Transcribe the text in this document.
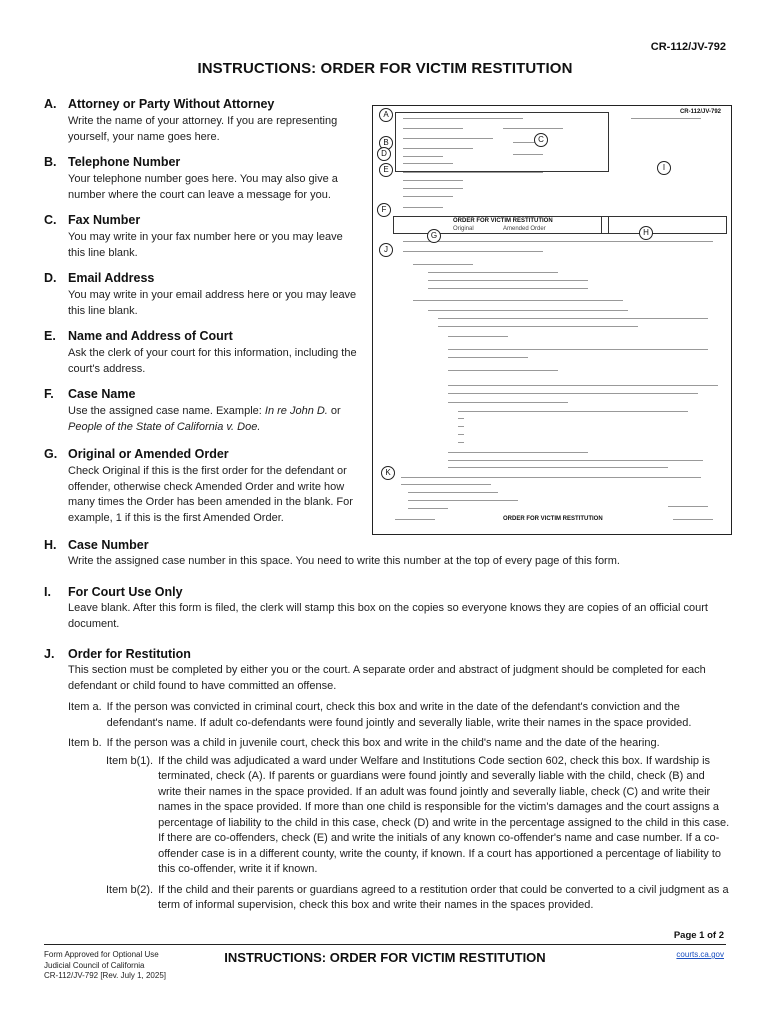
CR-112/JV-792
INSTRUCTIONS: ORDER FOR VICTIM RESTITUTION
A. Attorney or Party Without Attorney
Write the name of your attorney. If you are representing yourself, your name goes here.
B. Telephone Number
Your telephone number goes here. You may also give a number where the court can leave a message for you.
C. Fax Number
You may write in your fax number here or you may leave this line blank.
D. Email Address
You may write in your email address here or you may leave this line blank.
E. Name and Address of Court
Ask the clerk of your court for this information, including the court's address.
F. Case Name
Use the assigned case name. Example: In re John D. or People of the State of California v. Doe.
G. Original or Amended Order
Check Original if this is the first order for the defendant or offender, otherwise check Amended Order and write how many times the Order has been amended in the blank. For example, 1 if this is the first Amended Order.
CR-112/JV-792
ORDER FOR VICTIM RESTITUTION
Original	Amended Order
ORDER FOR VICTIM RESTITUTION
A
B	C
D
E
F
G	H
I
J
K
H. Case Number
Write the assigned case number in this space. You need to write this number at the top of every page of this form.
I. For Court Use Only
Leave blank. After this form is filed, the clerk will stamp this box on the copies so everyone knows they are copies of an official court document.
J. Order for Restitution
This section must be completed by either you or the court. A separate order and abstract of judgment should be completed for each defendant or child found to have committed an offense.
Item a. If the person was convicted in criminal court, check this box and write in the date of the defendant's conviction and the defendant's name. If adult co-defendants were found jointly and severally liable, write their names in the space provided.
Item b. If the person was a child in juvenile court, check this box and write in the child's name and the date of the hearing.
Item b(1). If the child was adjudicated a ward under Welfare and Institutions Code section 602, check this box. If wardship is terminated, check (A). If parents or guardians were found jointly and severally liable with the child, check (B) and write their names in the space provided. If an adult was found jointly and severally liable, check (C) and write their names in the space provided. If more than one child is responsible for the victim's damages and the court assigns a percentage of liability to the child in this case, check (D) and write in the percentage assigned to the child in this case. If there are co-offenders, check (E) and write the initials of any known co-offender's name and case number. If a co-offender case is in a different county, write the county, if known. If a court has apportioned a percentage of liability to this co-offender, write it if known.
Item b(2). If the child and their parents or guardians agreed to a restitution order that could be converted to a civil judgment as a term of informal supervision, check this box and write their names in the spaces provided.
Page 1 of 2
Form Approved for Optional Use
Judicial Council of California
CR-112/JV-792 [Rev. July 1, 2025]
INSTRUCTIONS: ORDER FOR VICTIM RESTITUTION	courts.ca.gov
